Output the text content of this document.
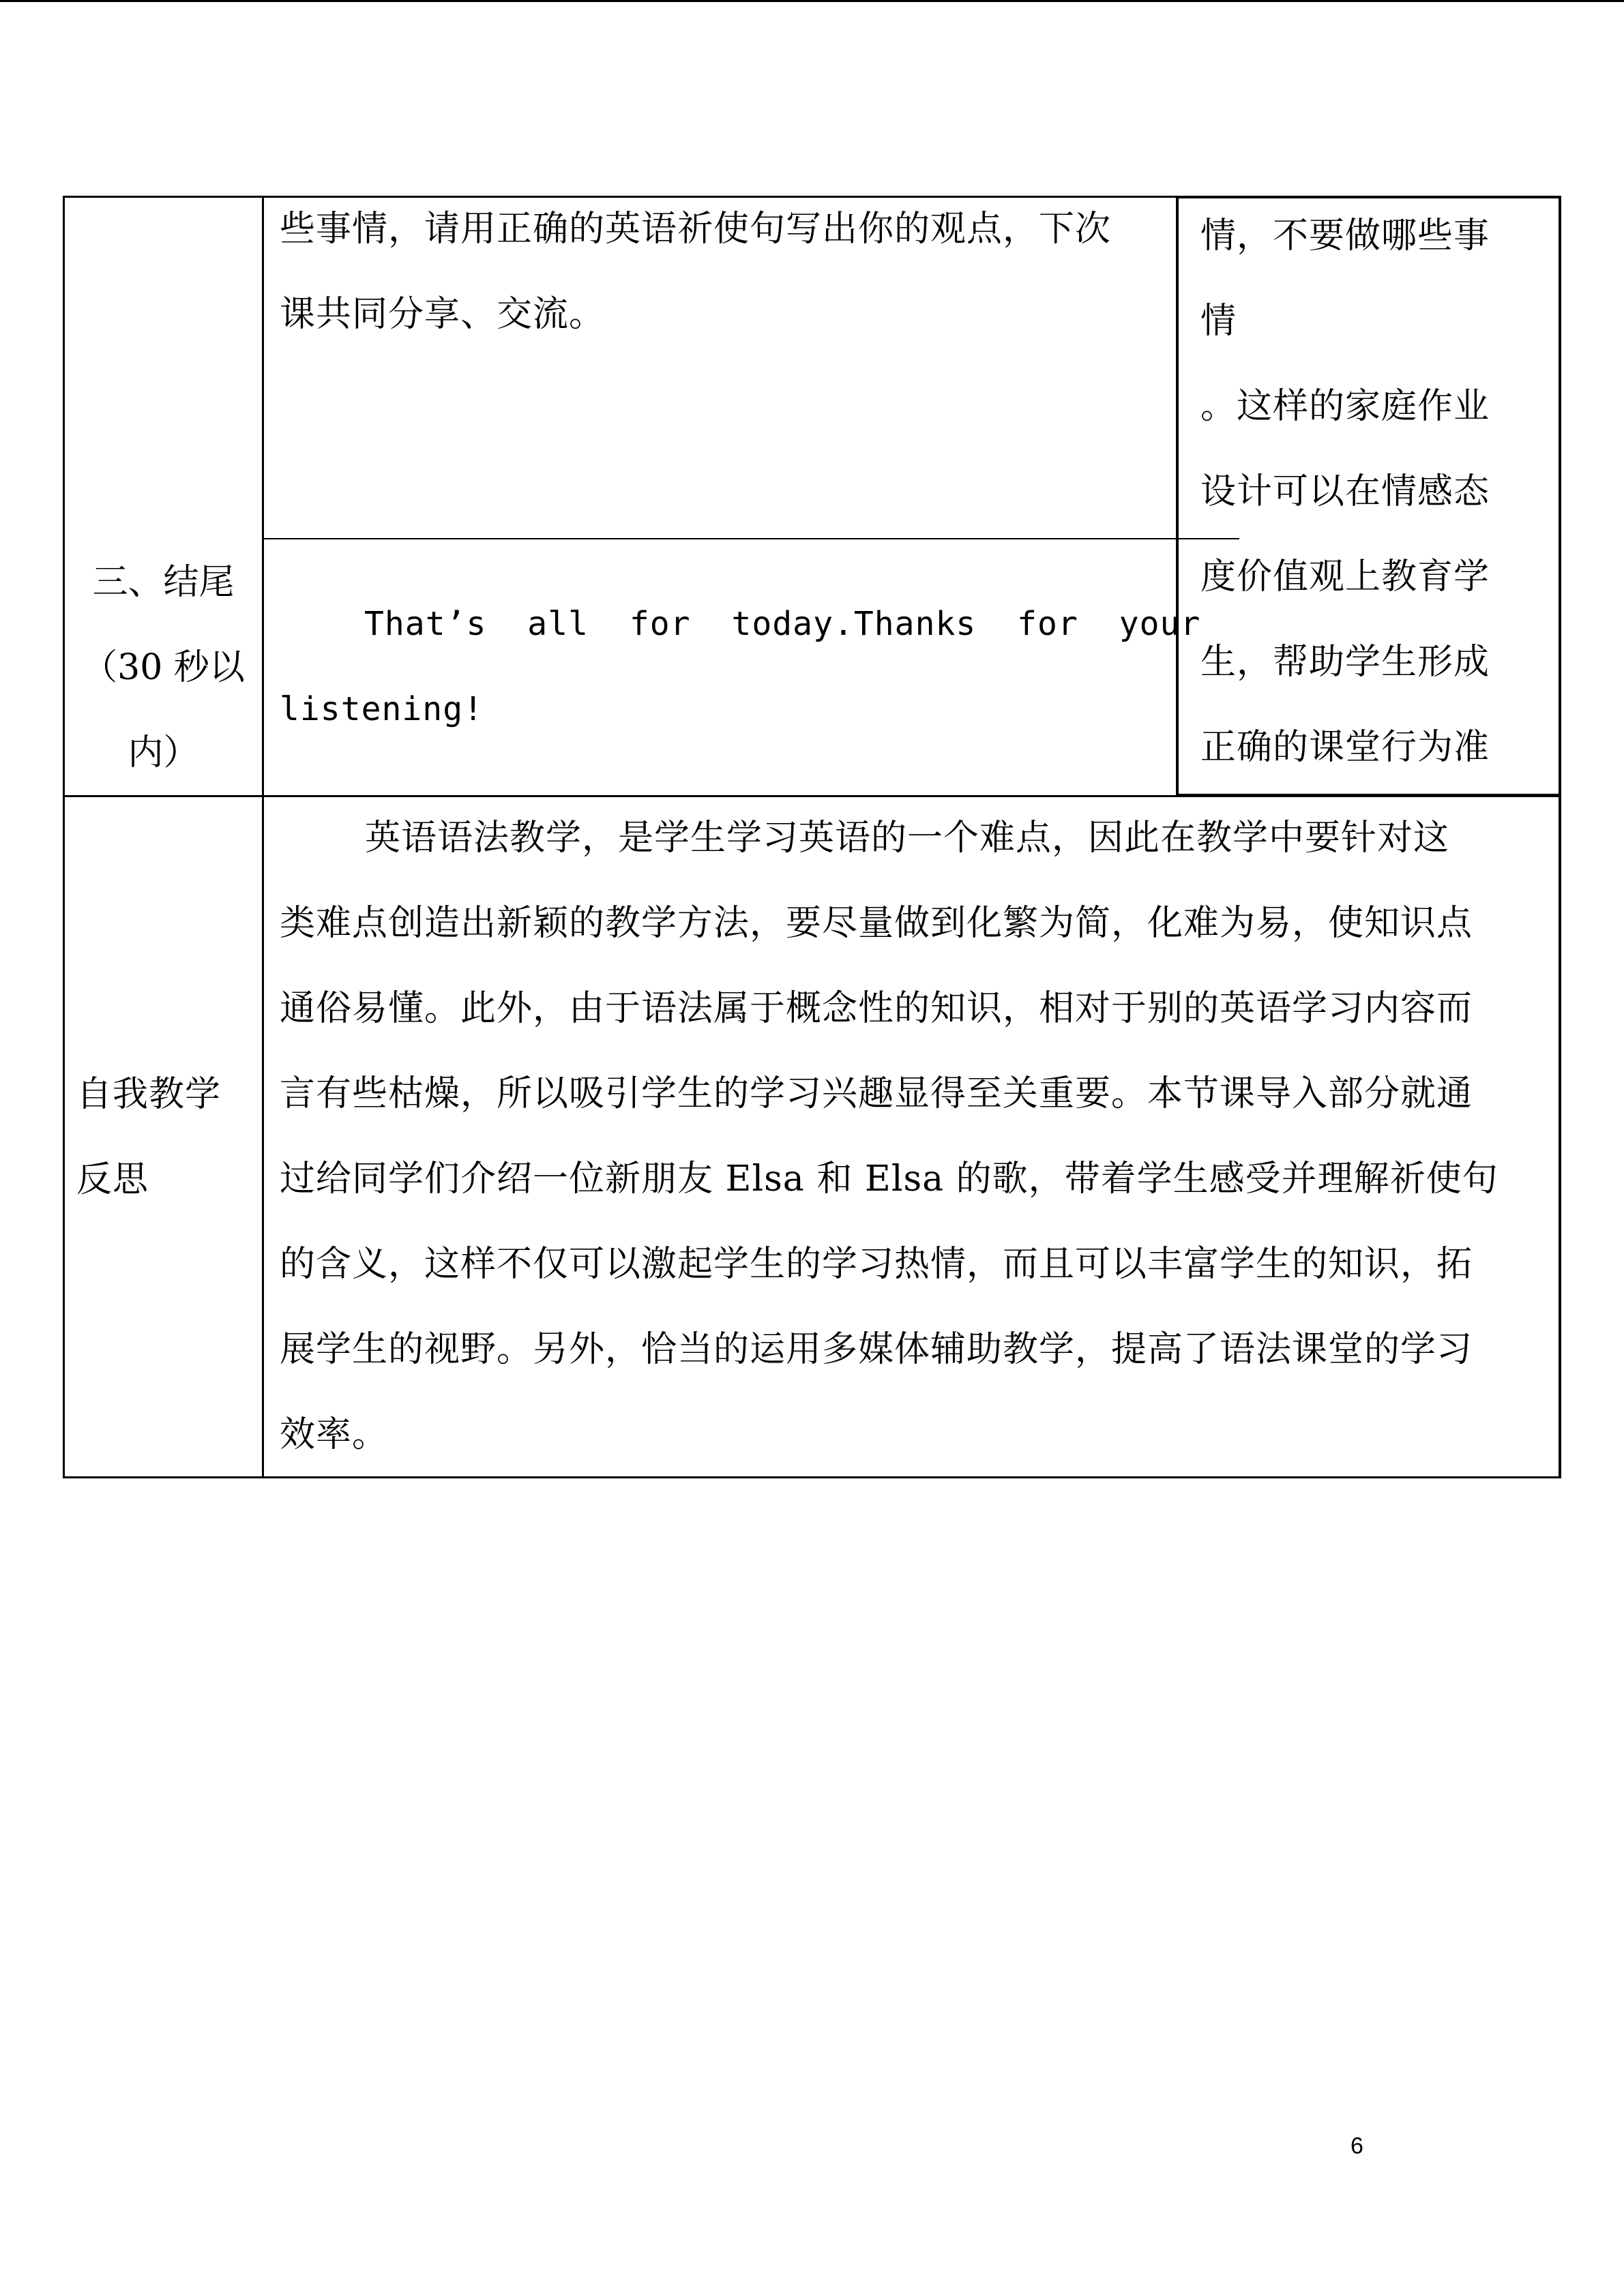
些事情，请用正确的英语祈使句写出你的观点，下次
课共同分享、交流。
情，不要做哪些事
情
。这样的家庭作业
设计可以在情感态
度价值观上教育学
生，帮助学生形成
正确的课堂行为准
三、结尾
（30 秒以
内）
That’s all for today.Thanks for your
listening!
自我教学
反思
英语语法教学，是学生学习英语的一个难点，因此在教学中要针对这
类难点创造出新颖的教学方法，要尽量做到化繁为简，化难为易，使知识点
通俗易懂。此外，由于语法属于概念性的知识，相对于别的英语学习内容而
言有些枯燥，所以吸引学生的学习兴趣显得至关重要。本节课导入部分就通
过给同学们介绍一位新朋友 Elsa 和 Elsa 的歌，带着学生感受并理解祈使句
的含义，这样不仅可以激起学生的学习热情，而且可以丰富学生的知识，拓
展学生的视野。另外，恰当的运用多媒体辅助教学，提高了语法课堂的学习
效率。
6
